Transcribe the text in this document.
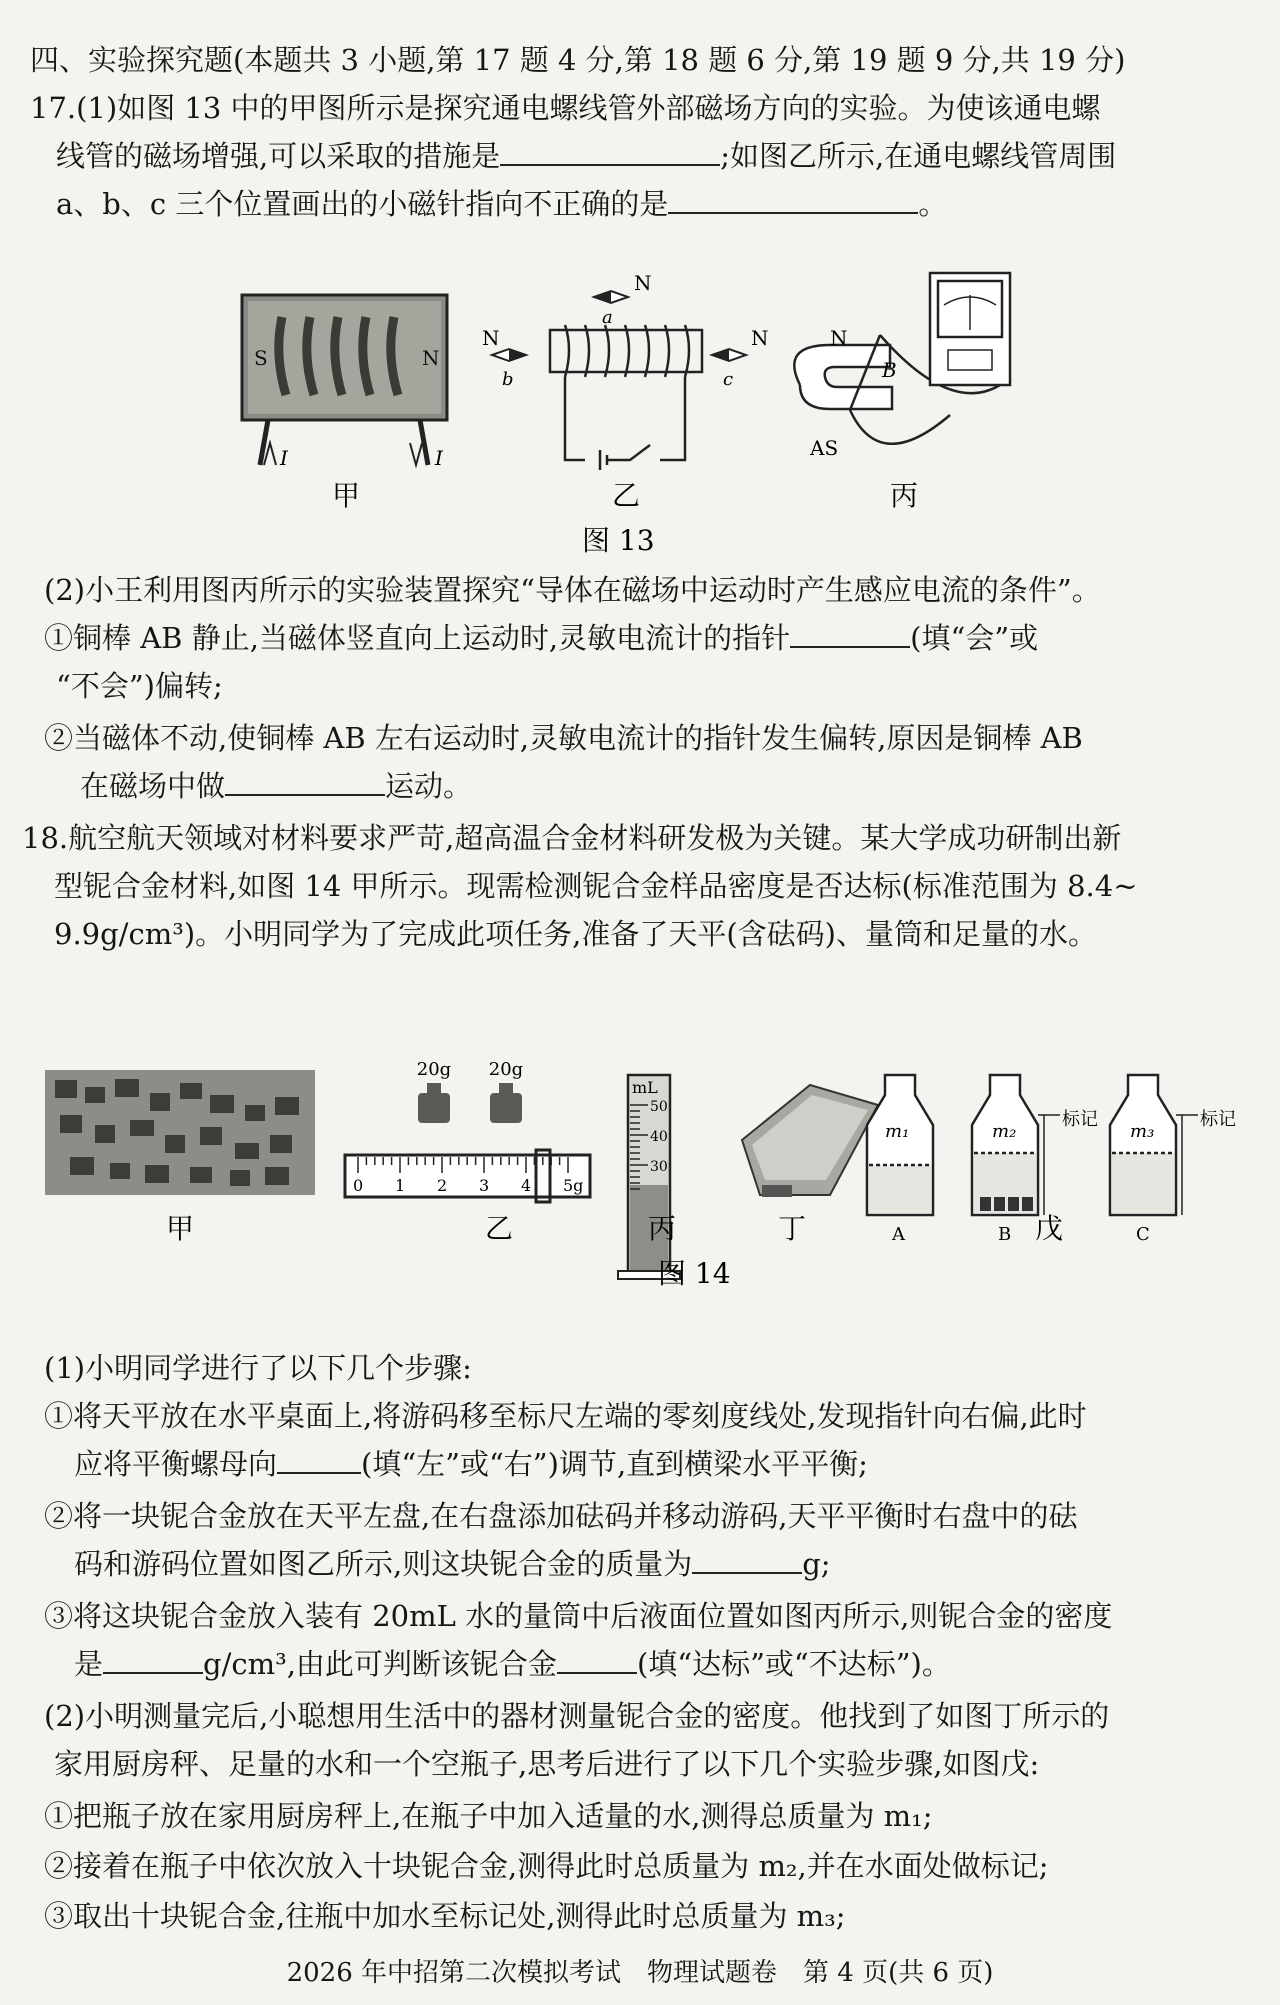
四、实验探究题(本题共 3 小题,第 17 题 4 分,第 18 题 6 分,第 19 题 9 分,共 19 分)
17.(1)如图 13 中的甲图所示是探究通电螺线管外部磁场方向的实验。为使该通电螺
线管的磁场增强,可以采取的措施是	;如图乙所示,在通电螺线管周围
a、b、c 三个位置画出的小磁针指向不正确的是	。
S	N
I	I
a
N
N
b
N
c
N
B
AS
甲	乙	丙
图 13
(2)小王利用图丙所示的实验装置探究“导体在磁场中运动时产生感应电流的条件”。
①铜棒 AB 静止,当磁体竖直向上运动时,灵敏电流计的指针	(填“会”或
“不会”)偏转;
②当磁体不动,使铜棒 AB 左右运动时,灵敏电流计的指针发生偏转,原因是铜棒 AB
在磁场中做	运动。
18.航空航天领域对材料要求严苛,超高温合金材料研发极为关键。某大学成功研制出新
型铌合金材料,如图 14 甲所示。现需检测铌合金样品密度是否达标(标准范围为 8.4~
9.9g/cm³)。小明同学为了完成此项任务,准备了天平(含砝码)、量筒和足量的水。
20g 20g
0 1 2 3 4 5g
mL
50
40
30
m₁
A
m₂
标记
B
m₃
标记
C
甲	乙	丙	丁	戊
图 14
(1)小明同学进行了以下几个步骤:
①将天平放在水平桌面上,将游码移至标尺左端的零刻度线处,发现指针向右偏,此时
应将平衡螺母向	(填“左”或“右”)调节,直到横梁水平平衡;
②将一块铌合金放在天平左盘,在右盘添加砝码并移动游码,天平平衡时右盘中的砝
码和游码位置如图乙所示,则这块铌合金的质量为	g;
③将这块铌合金放入装有 20mL 水的量筒中后液面位置如图丙所示,则铌合金的密度
是	g/cm³,由此可判断该铌合金	(填“达标”或“不达标”)。
(2)小明测量完后,小聪想用生活中的器材测量铌合金的密度。他找到了如图丁所示的
家用厨房秤、足量的水和一个空瓶子,思考后进行了以下几个实验步骤,如图戊:
①把瓶子放在家用厨房秤上,在瓶子中加入适量的水,测得总质量为 m₁;
②接着在瓶子中依次放入十块铌合金,测得此时总质量为 m₂,并在水面处做标记;
③取出十块铌合金,往瓶中加水至标记处,测得此时总质量为 m₃;
2026 年中招第二次模拟考试　物理试题卷　第 4 页(共 6 页)
